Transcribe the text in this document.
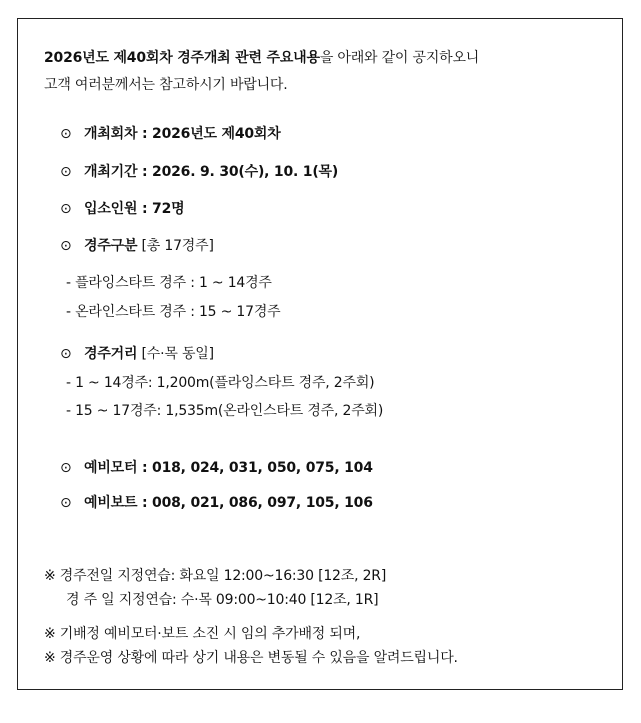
2026년도 제40회차 경주개최 관련 주요내용을 아래와 같이 공지하오니
고객 여러분께서는 참고하시기 바랍니다.
⊙ 개최회차 : 2026년도 제40회차
⊙ 개최기간 : 2026. 9. 30(수), 10. 1(목)
⊙ 입소인원 : 72명
⊙ 경주구분 [총 17경주]
- 플라잉스타트 경주 : 1 ~ 14경주
- 온라인스타트 경주 : 15 ~ 17경주
⊙ 경주거리 [수·목 동일]
- 1 ~ 14경주: 1,200m(플라잉스타트 경주, 2주회)
- 15 ~ 17경주: 1,535m(온라인스타트 경주, 2주회)
⊙ 예비모터 : 018, 024, 031, 050, 075, 104
⊙ 예비보트 : 008, 021, 086, 097, 105, 106
※ 경주전일 지정연습: 화요일 12:00~16:30 [12조, 2R]
경 주 일 지정연습: 수·목 09:00~10:40 [12조, 1R]
※ 기배정 예비모터·보트 소진 시 임의 추가배정 되며,
※ 경주운영 상황에 따라 상기 내용은 변동될 수 있음을 알려드립니다.
